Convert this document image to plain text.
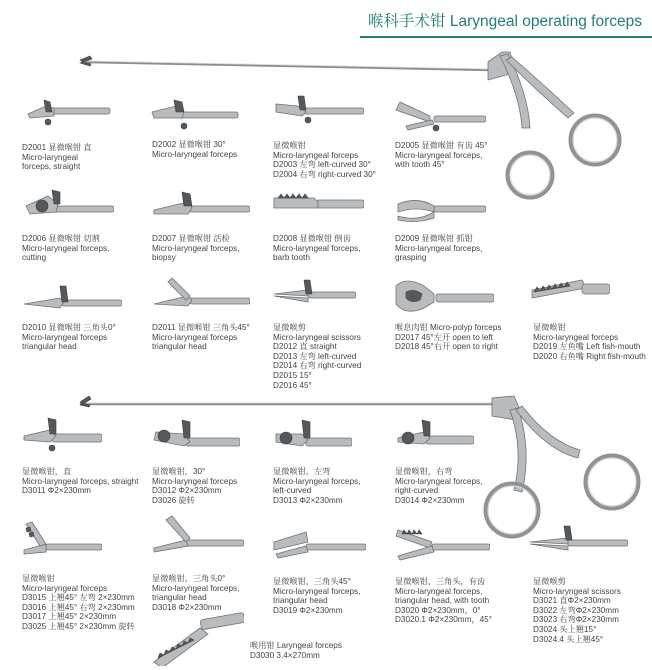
喉科手术钳 Laryngeal operating forceps
D2001 显微喉钳 直
Micro-laryngeal
forceps, straight
D2002 显微喉钳 30°
Micro-laryngeal forceps
显微喉钳
Micro-laryngeal forceps
D2003 左弯 left-curved 30°
D2004 右弯 right-curved 30°
D2005 显微喉钳 有齿 45°
Micro-laryngeal forceps,
with tooth 45°
D2006 显微喉钳 切割
Micro-laryngeal forceps,
cutting
D2007 显微喉钳 活检
Micro-laryngeal forceps,
biopsy
D2008 显微喉钳 倒齿
Micro-laryngeal forceps,
barb tooth
D2009 显微喉钳 抓钳
Micro-laryngeal forceps,
grasping
D2010 显微喉钳 三角头0°
Micro-laryngeal forceps
triangular head
D2011 显微喉钳 三角头45°
Micro-laryngeal forceps
triangular head
显微喉剪
Micro-laryngeal scissors
D2012 直 straight
D2013 左弯 left-curved
D2014 右弯 right-curved
D2015 15°
D2016 45°
喉息肉钳 Micro-polyp forceps
D2017 45°左开 open to left
D2018 45°右开 open to right
显微喉钳
Micro-laryngeal forceps
D2019 左鱼嘴 Left fish-mouth
D2020 右鱼嘴 Right fish-mouth
显微喉钳，直
Micro-laryngeal forceps, straight
D3011 Φ2×230mm
显微喉钳，30°
Micro-laryngeal forceps
D3012 Φ2×230mm
D3026 旋转
显微喉钳，左弯
Micro-laryngeal forceps,
left-curved
D3013 Φ2×230mm
显微喉钳，右弯
Micro-laryngeal forceps,
right-curved
D3014 Φ2×230mm
显微喉钳
Micro-laryngeal forceps
D3015 上翘45° 左弯 2×230mm
D3016 上翘45° 右弯 2×230mm
D3017 上翘45° 2×230mm
D3025 上翘45° 2×230mm 旋转
显微喉钳，三角头0°
Micro-laryngeal forceps,
triangular head
D3018 Φ2×230mm
显微喉钳，三角头45°
Micro-laryngeal forceps,
triangular head
D3019 Φ2×230mm
显微喉钳，三角头，有齿
Micro-laryngeal forceps,
triangular head, with tooth
D3020 Φ2×230mm，0°
D3020.1 Φ2×230mm，45°
显微喉剪
Micro-laryngeal scissors
D3021 直Φ2×230mm
D3022 左弯Φ2×230mm
D3023 右弯Φ2×230mm
D3024 头上翘15°
D3024.4 头上翘45°
喉用钳 Laryngeal forceps
D3030 3.4×270mm
